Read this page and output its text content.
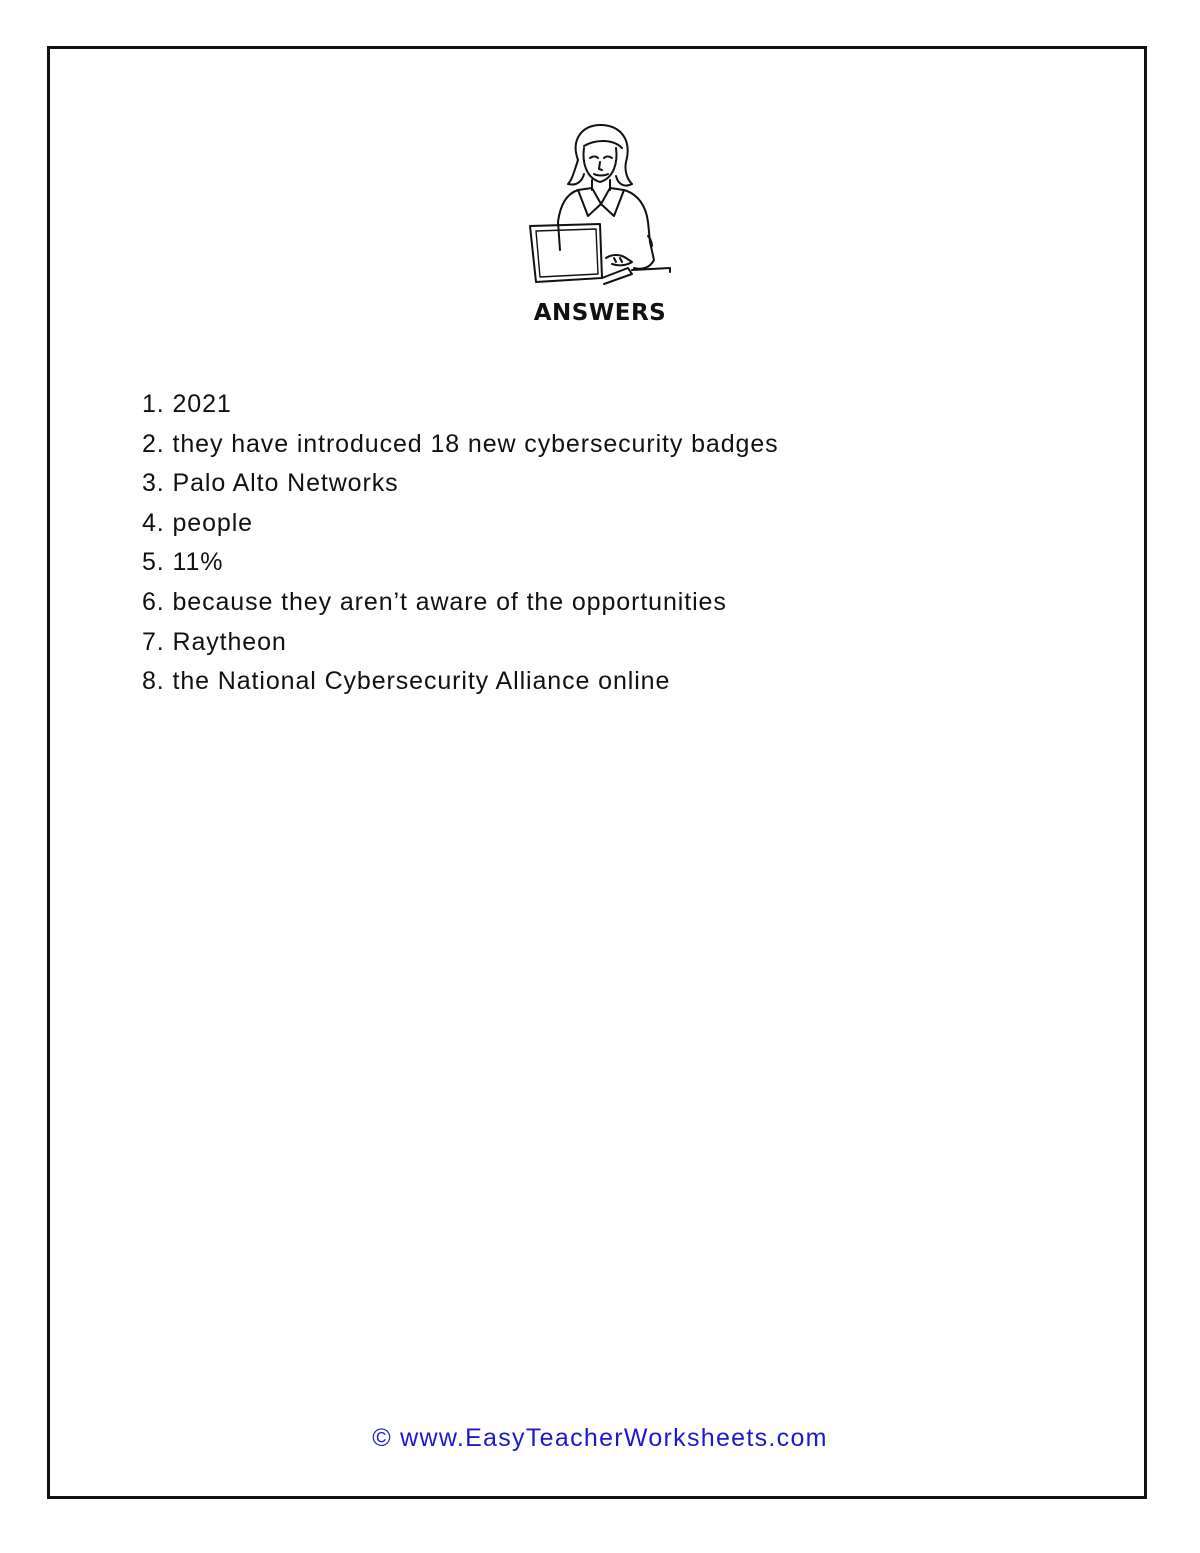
ANSWERS
1. 2021
2. they have introduced 18 new cybersecurity badges
3. Palo Alto Networks
4. people
5. 11%
6. because they aren’t aware of the opportunities
7. Raytheon
8. the National Cybersecurity Alliance online
© www.EasyTeacherWorksheets.com
